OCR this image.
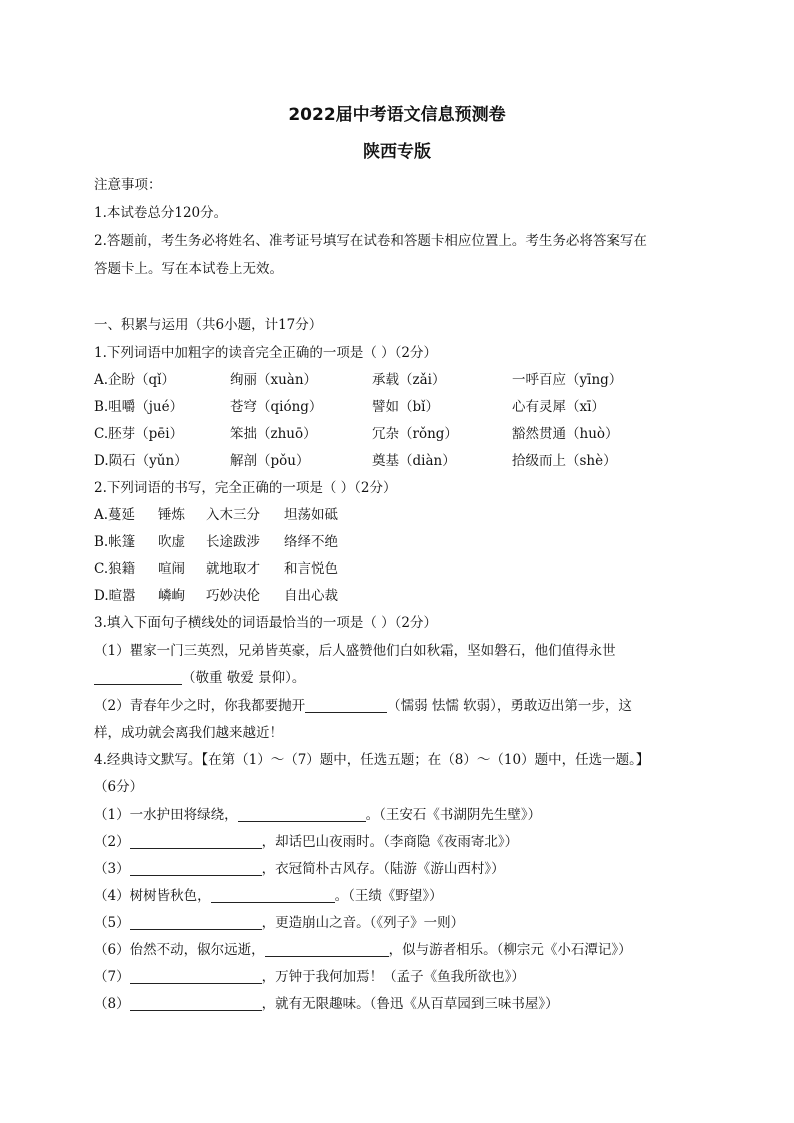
2022届中考语文信息预测卷
陕西专版
注意事项：
1.本试卷总分120分。
2.答题前，考生务必将姓名、准考证号填写在试卷和答题卡相应位置上。考生务必将答案写在
答题卡上。写在本试卷上无效。
一、积累与运用（共6小题，计17分）
1.下列词语中加粗字的读音完全正确的一项是（ ）（2分）
A.企盼（qǐ）	绚丽（xuàn）	承载（zǎi）	一呼百应（yīng）
B.咀嚼（jué）	苍穹（qióng）	譬如（bǐ）	心有灵犀（xī）
C.胚芽（pēi）	笨拙（zhuō）	冗杂（rǒng）	豁然贯通（huò）
D.陨石（yǔn）	解剖（pǒu）	奠基（diàn）	拾级而上（shè）
2.下列词语的书写，完全正确的一项是（ ）（2分）
A.蔓延 锤炼 入木三分 坦荡如砥
B.帐篷 吹虚 长途跋涉 络绎不绝
C.狼籍 喧闹 就地取才 和言悦色
D.暄嚣 嶙峋 巧妙决伦 自出心裁
3.填入下面句子横线处的词语最恰当的一项是（ ）（2分）
（1）瞿家一门三英烈，兄弟皆英豪，后人盛赞他们白如秋霜，坚如磐石，他们值得永世
（敬重 敬爱 景仰）。
（2）青春年少之时，你我都要抛开	（懦弱 怯懦 软弱），勇敢迈出第一步，这
样，成功就会离我们越来越近！
4.经典诗文默写。【在第（1）～（7）题中，任选五题；在（8）～（10）题中，任选一题。】
（6分）
（1）一水护田将绿绕，	。（王安石《书湖阴先生壁》）
（2）	，却话巴山夜雨时。（李商隐《夜雨寄北》）
（3）	，衣冠简朴古风存。（陆游《游山西村》）
（4）树树皆秋色，	。（王绩《野望》）
（5）	，更造崩山之音。（《列子》一则）
（6）佁然不动，俶尔远逝，	，似与游者相乐。（柳宗元《小石潭记》）
（7）	，万钟于我何加焉！（孟子《鱼我所欲也》）
（8）	，就有无限趣味。（鲁迅《从百草园到三味书屋》）
